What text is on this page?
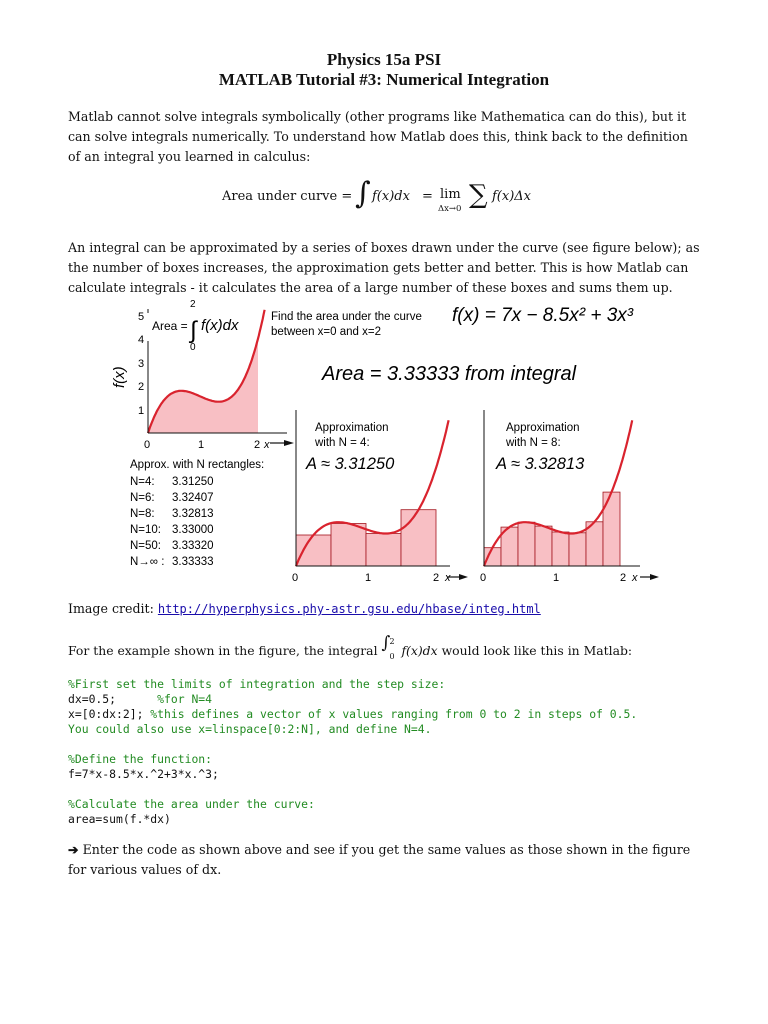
Physics 15a PSI
MATLAB Tutorial #3: Numerical Integration
Matlab cannot solve integrals symbolically (other programs like Mathematica can do this), but it
can solve integrals numerically. To understand how Matlab does this, think back to the definition
of an integral you learned in calculus:
Area under curve = ∫ f(x)dx = lim
Δx→0 ∑ f(x)Δx
An integral can be approximated by a series of boxes drawn under the curve (see figure below); as
the number of boxes increases, the approximation gets better and better. This is how Matlab can
calculate integrals - it calculates the area of a large number of these boxes and sums them up.
5
4
3
2
1
0	1	2 x
f(x)
Area = ∫
2
0
f(x)dx	Find the area under the curve
between x=0 and x=2
f(x) = 7x − 8.5x² + 3x³
Area = 3.33333 from integral
Approx. with N rectangles:
N=4: 3.31250
N=6: 3.32407
N=8: 3.32813
N=10: 3.33000
N=50: 3.33320
N→∞ : 3.33333
Approximation
with N = 4:
A ≈ 3.31250
0	1	2 x
Approximation
with N = 8:
A ≈ 3.32813
0	1	2 x
Image credit: http://hyperphysics.phy-astr.gsu.edu/hbase/integ.html
For the example shown in the figure, the integral ∫ 2
0 f(x)dx would look like this in Matlab:
%First set the limits of integration and the step size:
dx=0.5;      %for N=4
x=[0:dx:2]; %this defines a vector of x values ranging from 0 to 2 in steps of 0.5.
You could also use x=linspace[0:2:N], and define N=4.

%Define the function:
f=7*x-8.5*x.^2+3*x.^3;

%Calculate the area under the curve:
area=sum(f.*dx)
➔ Enter the code as shown above and see if you get the same values as those shown in the figure
for various values of dx.
